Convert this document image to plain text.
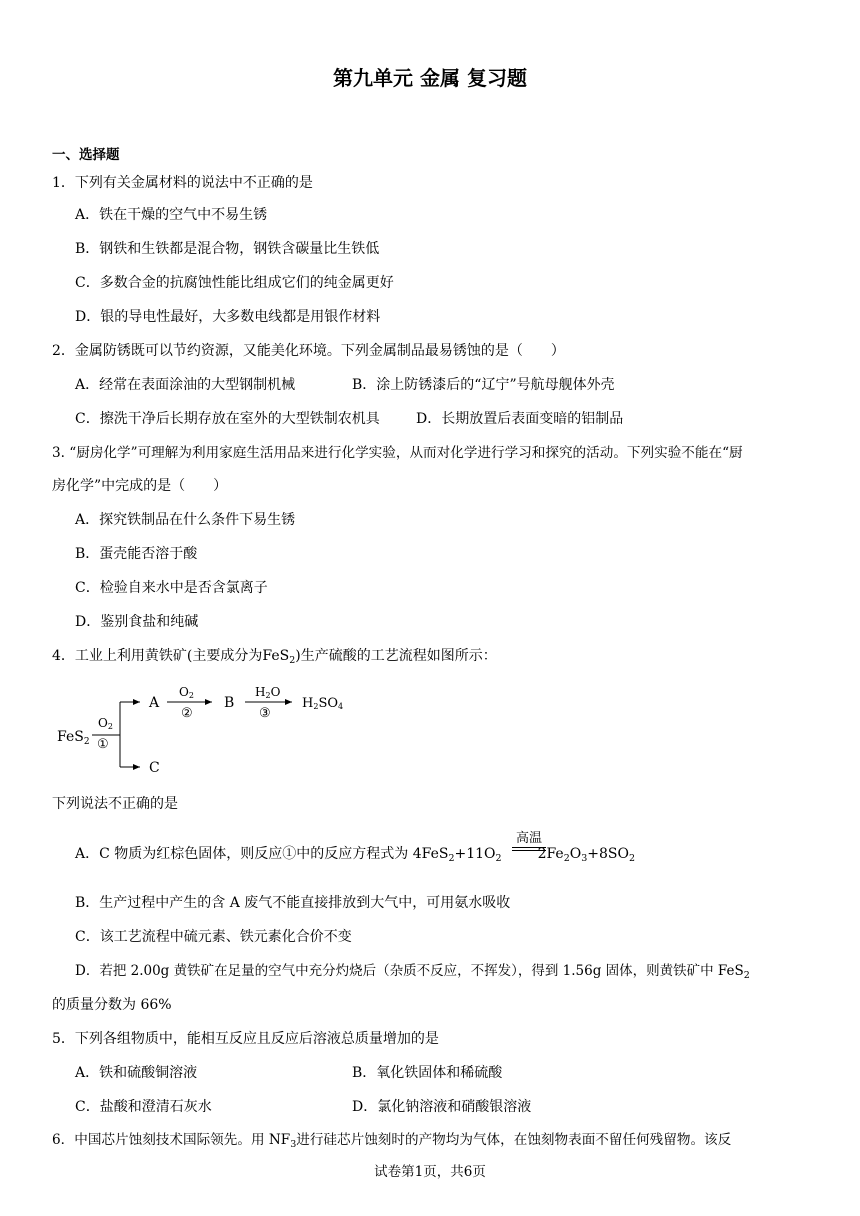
第九单元 金属 复习题
一、选择题
1．下列有关金属材料的说法中不正确的是
A．铁在干燥的空气中不易生锈
B．钢铁和生铁都是混合物，钢铁含碳量比生铁低
C．多数合金的抗腐蚀性能比组成它们的纯金属更好
D．银的导电性最好，大多数电线都是用银作材料
2．金属防锈既可以节约资源，又能美化环境。下列金属制品最易锈蚀的是（　　）
A．经常在表面涂油的大型钢制机械	B．涂上防锈漆后的“辽宁”号航母舰体外壳
C．擦洗干净后长期存放在室外的大型铁制农机具	D．长期放置后表面变暗的铝制品
3. “厨房化学”可理解为利用家庭生活用品来进行化学实验，从而对化学进行学习和探究的活动。下列实验不能在“厨
房化学”中完成的是（　　）
A．探究铁制品在什么条件下易生锈
B．蛋壳能否溶于酸
C．检验自来水中是否含氯离子
D．鉴别食盐和纯碱
4．工业上利用黄铁矿(主要成分为FeS$_2$)生产硫酸的工艺流程如图所示：
FeS$_2$
O2
①
A
O2
②
B
H2O
③
H2SO4
C
下列说法不正确的是
A．C 物质为红棕色固体，则反应①中的反应方程式为 $4FeS_2+11O_2$	$2Fe_2O_3+8SO_2$
高温
B．生产过程中产生的含 A 废气不能直接排放到大气中，可用氨水吸收
C．该工艺流程中硫元素、铁元素化合价不变
D．若把 2.00g 黄铁矿在足量的空气中充分灼烧后（杂质不反应，不挥发），得到 1.56g 固体，则黄铁矿中 FeS$_2$
的质量分数为 66%
5．下列各组物质中，能相互反应且反应后溶液总质量增加的是
A．铁和硫酸铜溶液	B．氧化铁固体和稀硫酸
C．盐酸和澄清石灰水	D．氯化钠溶液和硝酸银溶液
6．中国芯片蚀刻技术国际领先。用 $NF_3$进行硅芯片蚀刻时的产物均为气体，在蚀刻物表面不留任何残留物。该反
试卷第1页，共6页
